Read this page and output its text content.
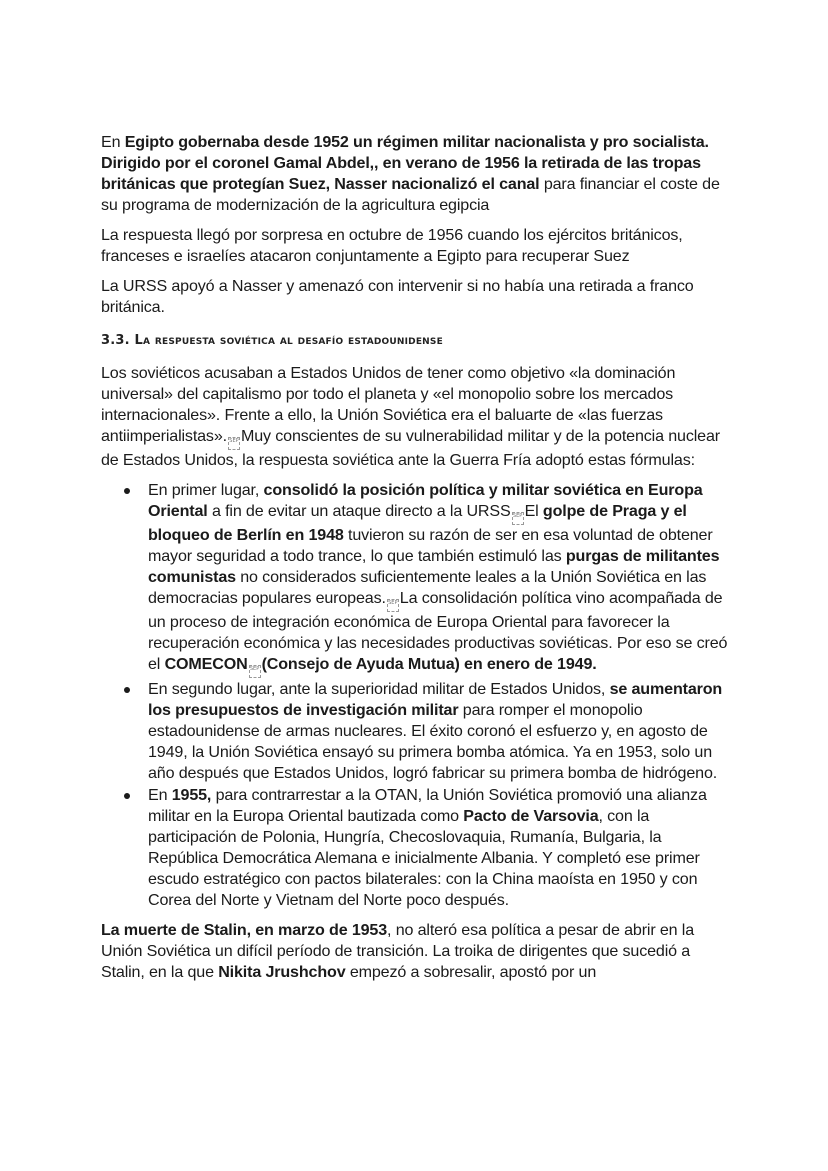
En Egipto gobernaba desde 1952 un régimen militar nacionalista y pro socialista. Dirigido por el coronel Gamal Abdel,, en verano de 1956 la retirada de las tropas británicas que protegían Suez, Nasser nacionalizó el canal para financiar el coste de su programa de modernización de la agricultura egipcia

La respuesta llegó por sorpresa en octubre de 1956 cuando los ejércitos británicos, franceses e israelíes atacaron conjuntamente a Egipto para recuperar Suez

La URSS apoyó a Nasser y amenazó con intervenir si no había una retirada a franco británica.

3.3. La respuesta soviética al desafío estadounidense

Los soviéticos acusaban a Estados Unidos de tener como objetivo «la dominación universal» del capitalismo por todo el planeta y «el monopolio sobre los mercados internacionales». Frente a ello, la Unión Soviética era el baluarte de «las fuerzas antiimperialistas». SEP Muy conscientes de su vulnerabilidad militar y de la potencia nuclear de Estados Unidos, la respuesta soviética ante la Guerra Fría adoptó estas fórmulas:

En primer lugar, consolidó la posición política y militar soviética en Europa Oriental a fin de evitar un ataque directo a la URSS SEP El golpe de Praga y el bloqueo de Berlín en 1948 tuvieron su razón de ser en esa voluntad de obtener mayor seguridad a todo trance, lo que también estimuló las purgas de militantes comunistas no considerados suficientemente leales a la Unión Soviética en las democracias populares europeas. SEP La consolidación política vino acompañada de un proceso de integración económica de Europa Oriental para favorecer la recuperación económica y las necesidades productivas soviéticas. Por eso se creó el COMECON SEP (Consejo de Ayuda Mutua) en enero de 1949.
En segundo lugar, ante la superioridad militar de Estados Unidos, se aumentaron los presupuestos de investigación militar para romper el monopolio estadounidense de armas nucleares. El éxito coronó el esfuerzo y, en agosto de 1949, la Unión Soviética ensayó su primera bomba atómica. Ya en 1953, solo un año después que Estados Unidos, logró fabricar su primera bomba de hidrógeno.
En 1955, para contrarrestar a la OTAN, la Unión Soviética promovió una alianza militar en la Europa Oriental bautizada como Pacto de Varsovia, con la participación de Polonia, Hungría, Checoslovaquia, Rumanía, Bulgaria, la República Democrática Alemana e inicialmente Albania. Y completó ese primer escudo estratégico con pactos bilaterales: con la China maoísta en 1950 y con Corea del Norte y Vietnam del Norte poco después.

La muerte de Stalin, en marzo de 1953, no alteró esa política a pesar de abrir en la Unión Soviética un difícil período de transición. La troika de dirigentes que sucedió a Stalin, en la que Nikita Jrushchov empezó a sobresalir, apostó por un
